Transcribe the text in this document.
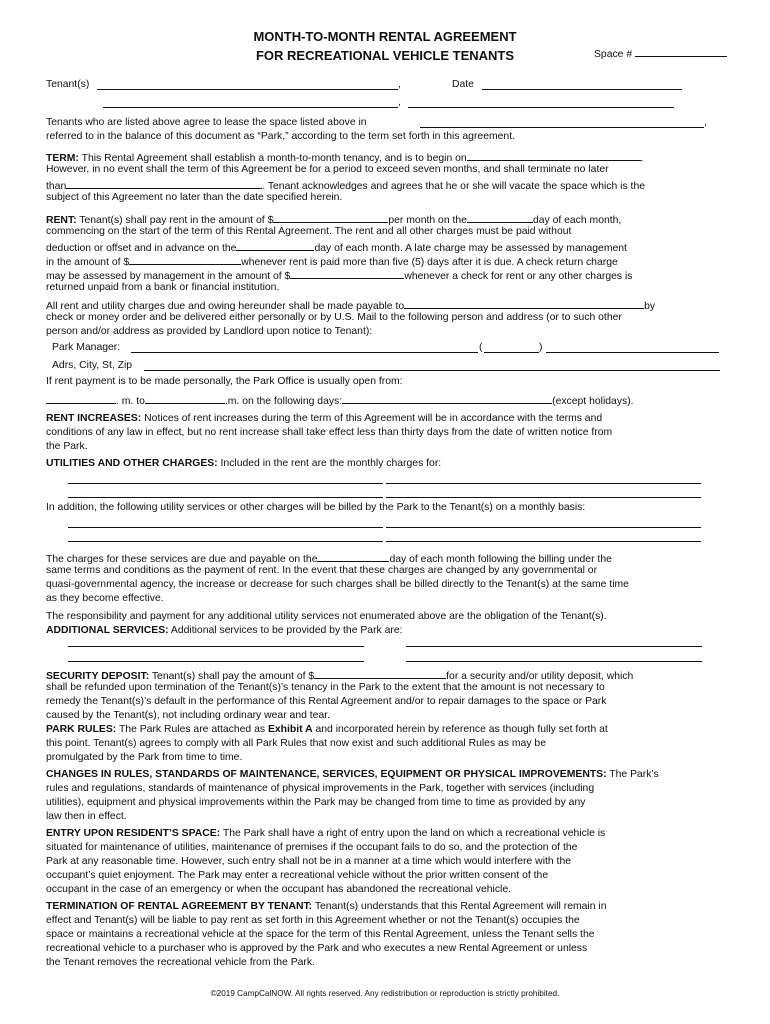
MONTH-TO-MONTH RENTAL AGREEMENT
FOR RECREATIONAL VEHICLE TENANTS	Space #
Tenant(s)	,	Date
,
Tenants who are listed above agree to lease the space listed above in	,
referred to in the balance of this document as “Park,” according to the term set forth in this agreement.
TERM: This Rental Agreement shall establish a month-to-month tenancy, and is to begin on	.
However, in no event shall the term of this Agreement be for a period to exceed seven months, and shall terminate no later
than	. Tenant acknowledges and agrees that he or she will vacate the space which is the
subject of this Agreement no later than the date specified herein.
RENT: Tenant(s) shall pay rent in the amount of $	per month on the	day of each month,
commencing on the start of the term of this Rental Agreement. The rent and all other charges must be paid without
deduction or offset and in advance on the	day of each month. A late charge may be assessed by management
in the amount of $	whenever rent is paid more than five (5) days after it is due. A check return charge
may be assessed by management in the amount of $	whenever a check for rent or any other charges is
returned unpaid from a bank or financial institution.
All rent and utility charges due and owing hereunder shall be made payable to	by
check or money order and be delivered either personally or by U.S. Mail to the following person and address (or to such other
person and/or address as provided by Landlord upon notice to Tenant):
Park Manager:	(	)
Adrs, City, St, Zip
If rent payment is to be made personally, the Park Office is usually open from:
. m. to	.m. on the following days:	(except holidays).
RENT INCREASES: Notices of rent increases during the term of this Agreement will be in accordance with the terms and
conditions of any law in effect, but no rent increase shall take effect less than thirty days from the date of written notice from
the Park.
UTILITIES AND OTHER CHARGES: Included in the rent are the monthly charges for:
In addition, the following utility services or other charges will be billed by the Park to the Tenant(s) on a monthly basis:
The charges for these services are due and payable on the	day of each month following the billing under the
same terms and conditions as the payment of rent. In the event that these charges are changed by any governmental or
quasi-governmental agency, the increase or decrease for such charges shall be billed directly to the Tenant(s) at the same time
as they become effective.
The responsibility and payment for any additional utility services not enumerated above are the obligation of the Tenant(s).
ADDITIONAL SERVICES: Additional services to be provided by the Park are:
SECURITY DEPOSIT: Tenant(s) shall pay the amount of $	for a security and/or utility deposit, which
shall be refunded upon termination of the Tenant(s)’s tenancy in the Park to the extent that the amount is not necessary to
remedy the Tenant(s)’s default in the performance of this Rental Agreement and/or to repair damages to the space or Park
caused by the Tenant(s), not including ordinary wear and tear.
PARK RULES: The Park Rules are attached as Exhibit A and incorporated herein by reference as though fully set forth at
this point. Tenant(s) agrees to comply with all Park Rules that now exist and such additional Rules as may be
promulgated by the Park from time to time.
CHANGES IN RULES, STANDARDS OF MAINTENANCE, SERVICES, EQUIPMENT OR PHYSICAL IMPROVEMENTS: The Park’s
rules and regulations, standards of maintenance of physical improvements in the Park, together with services (including
utilities), equipment and physical improvements within the Park may be changed from time to time as provided by any
law then in effect.
ENTRY UPON RESIDENT’S SPACE: The Park shall have a right of entry upon the land on which a recreational vehicle is
situated for maintenance of utilities, maintenance of premises if the occupant fails to do so, and the protection of the
Park at any reasonable time. However, such entry shall not be in a manner at a time which would interfere with the
occupant’s quiet enjoyment. The Park may enter a recreational vehicle without the prior written consent of the
occupant in the case of an emergency or when the occupant has abandoned the recreational vehicle.
TERMINATION OF RENTAL AGREEMENT BY TENANT: Tenant(s) understands that this Rental Agreement will remain in
effect and Tenant(s) will be liable to pay rent as set forth in this Agreement whether or not the Tenant(s) occupies the
space or maintains a recreational vehicle at the space for the term of this Rental Agreement, unless the Tenant sells the
recreational vehicle to a purchaser who is approved by the Park and who executes a new Rental Agreement or unless
the Tenant removes the recreational vehicle from the Park.
©2019 CampCalNOW. All rights reserved. Any redistribution or reproduction is strictly prohibited.
